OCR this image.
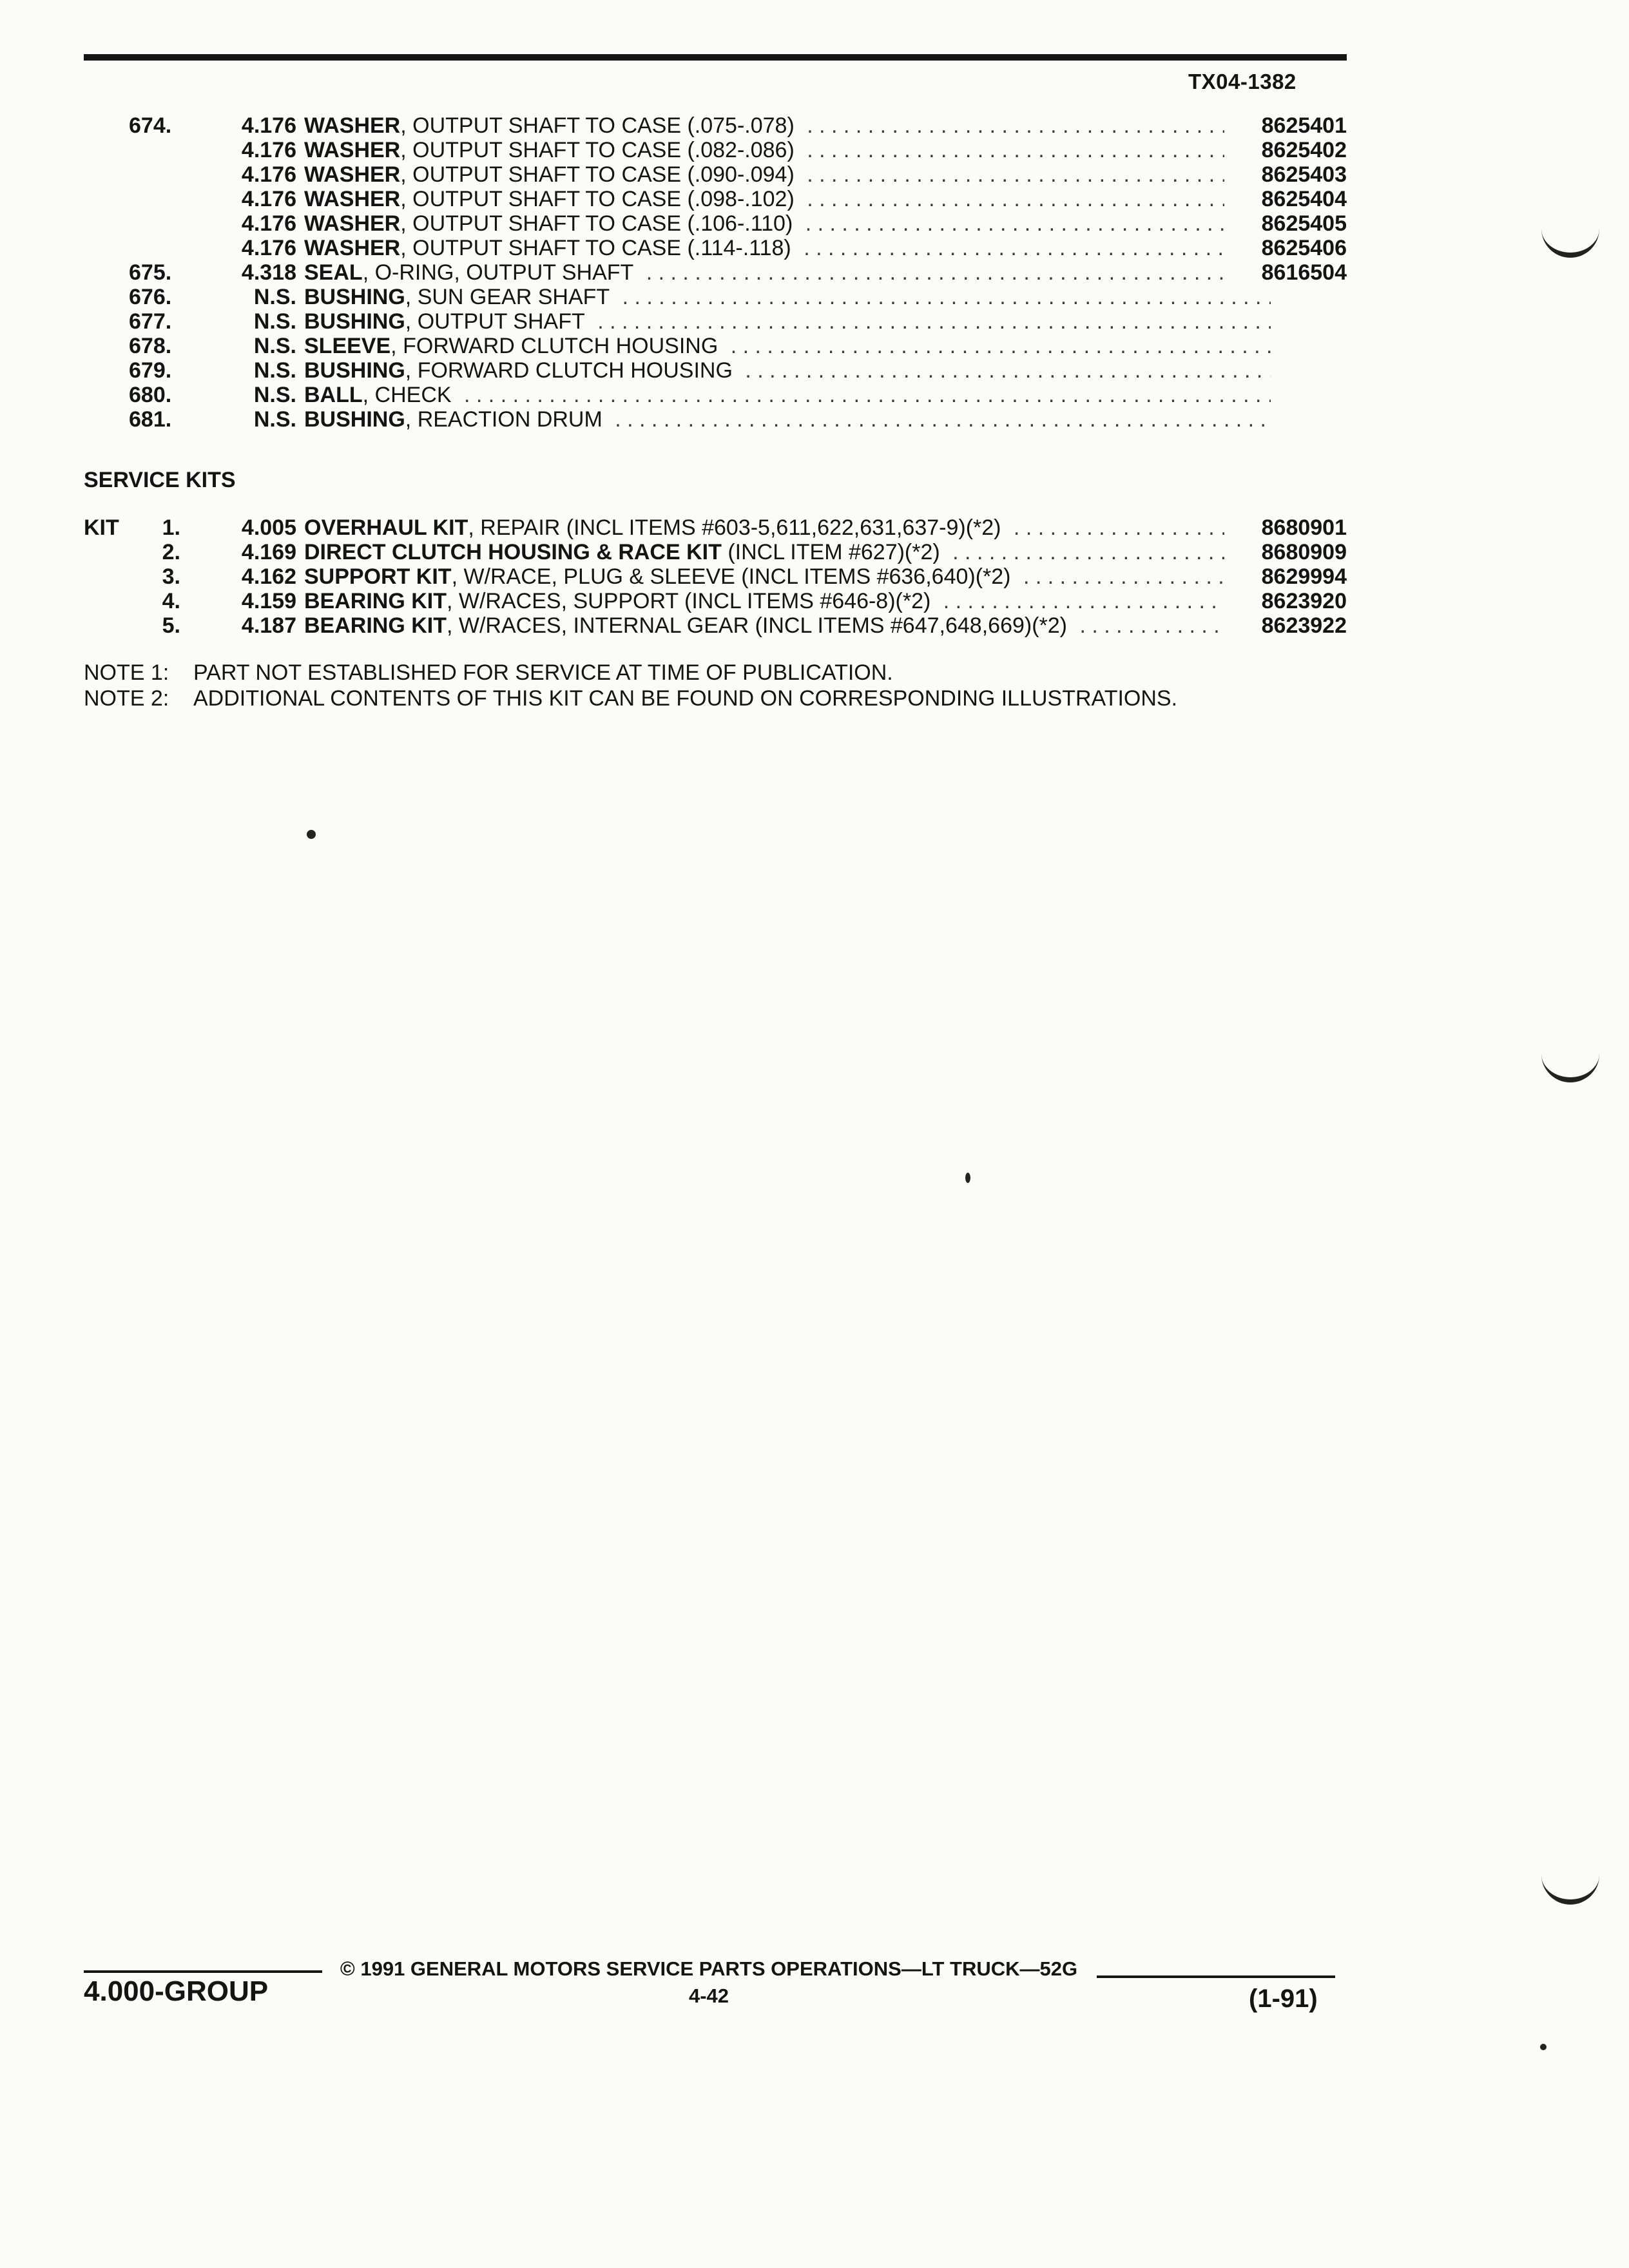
TX04-1382
674.	4.176 WASHER, OUTPUT SHAFT TO CASE (.075-.078) . . .	8625401
4.176 WASHER, OUTPUT SHAFT TO CASE (.082-.086) . . .	8625402
4.176 WASHER, OUTPUT SHAFT TO CASE (.090-.094) . . .	8625403
4.176 WASHER, OUTPUT SHAFT TO CASE (.098-.102) . . .	8625404
4.176 WASHER, OUTPUT SHAFT TO CASE (.106-.110) . . .	8625405
4.176 WASHER, OUTPUT SHAFT TO CASE (.114-.118) . . .	8625406
675.	4.318 SEAL, O-RING, OUTPUT SHAFT . . .	8616504
676.	N.S. BUSHING, SUN GEAR SHAFT . . .
677.	N.S. BUSHING, OUTPUT SHAFT . . .
678.	N.S. SLEEVE, FORWARD CLUTCH HOUSING . . .
679.	N.S. BUSHING, FORWARD CLUTCH HOUSING . . .
680.	N.S. BALL, CHECK . . .
681.	N.S. BUSHING, REACTION DRUM . . .
SERVICE KITS
KIT	1.	4.005 OVERHAUL KIT, REPAIR (INCL ITEMS #603-5,611,622,631,637-9)(*2) . . .	8680901
2.	4.169 DIRECT CLUTCH HOUSING & RACE KIT (INCL ITEM #627)(*2) . . .	8680909
3.	4.162 SUPPORT KIT, W/RACE, PLUG & SLEEVE (INCL ITEMS #636,640)(*2) . . .	8629994
4.	4.159 BEARING KIT, W/RACES, SUPPORT (INCL ITEMS #646-8)(*2) . . .	8623920
5.	4.187 BEARING KIT, W/RACES, INTERNAL GEAR (INCL ITEMS #647,648,669)(*2) . . .	8623922
NOTE 1: PART NOT ESTABLISHED FOR SERVICE AT TIME OF PUBLICATION.
NOTE 2: ADDITIONAL CONTENTS OF THIS KIT CAN BE FOUND ON CORRESPONDING ILLUSTRATIONS.
© 1991 GENERAL MOTORS SERVICE PARTS OPERATIONS—LT TRUCK—52G
4.000-GROUP	4-42	(1-91)
